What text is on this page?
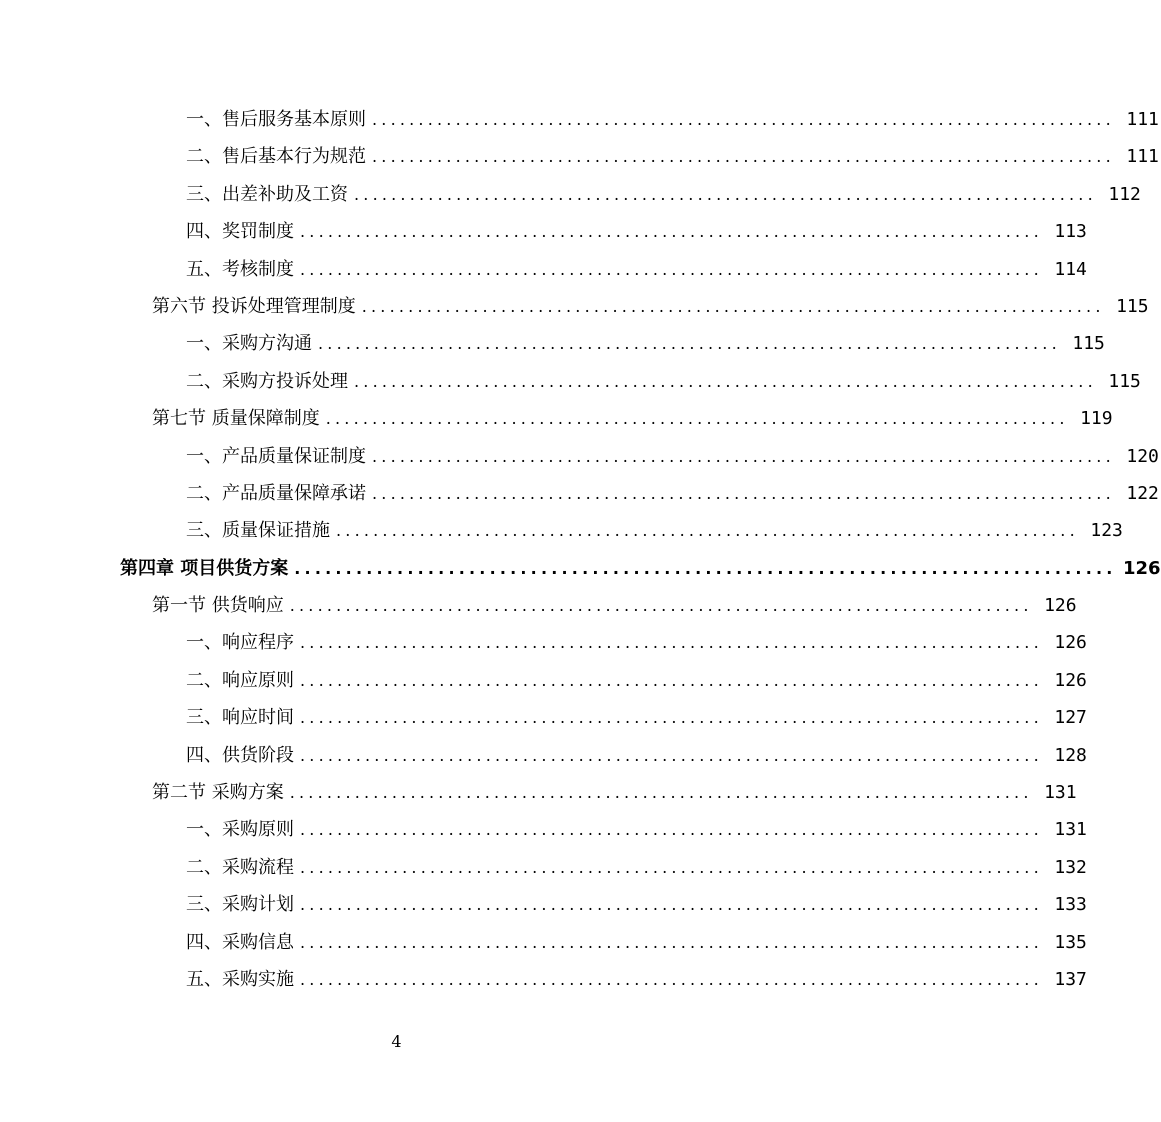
一、售后服务基本原则 ................................................................................ 111
二、售后基本行为规范 ................................................................................ 111
三、出差补助及工资 ................................................................................ 112
四、奖罚制度 ................................................................................ 113
五、考核制度 ................................................................................ 114
第六节 投诉处理管理制度 ................................................................................ 115
一、采购方沟通 ................................................................................ 115
二、采购方投诉处理 ................................................................................ 115
第七节 质量保障制度 ................................................................................ 119
一、产品质量保证制度 ................................................................................ 120
二、产品质量保障承诺 ................................................................................ 122
三、质量保证措施 ................................................................................ 123
第四章 项目供货方案 ................................................................................ 126
第一节 供货响应 ................................................................................ 126
一、响应程序 ................................................................................ 126
二、响应原则 ................................................................................ 126
三、响应时间 ................................................................................ 127
四、供货阶段 ................................................................................ 128
第二节 采购方案 ................................................................................ 131
一、采购原则 ................................................................................ 131
二、采购流程 ................................................................................ 132
三、采购计划 ................................................................................ 133
四、采购信息 ................................................................................ 135
五、采购实施 ................................................................................ 137
4
